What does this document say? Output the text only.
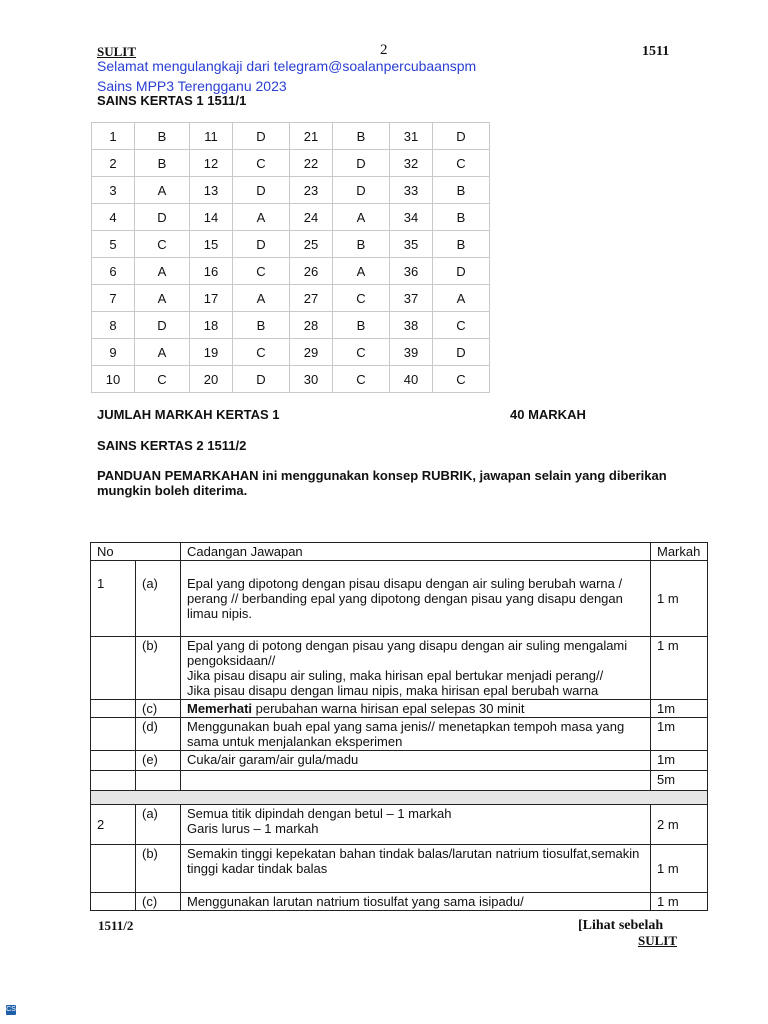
SULIT	2	1511
Selamat mengulangkaji dari telegram@soalanpercubaanspm
Sains MPP3 Terengganu 2023
SAINS KERTAS 1 1511/1
1	B	11	D	21	B	31	D
2	B	12	C	22	D	32	C
3	A	13	D	23	D	33	B
4	D	14	A	24	A	34	B
5	C	15	D	25	B	35	B
6	A	16	C	26	A	36	D
7	A	17	A	27	C	37	A
8	D	18	B	28	B	38	C
9	A	19	C	29	C	39	D
10	C	20	D	30	C	40	C
JUMLAH MARKAH KERTAS 1	40 MARKAH
SAINS KERTAS 2 1511/2
PANDUAN PEMARKAHAN ini menggunakan konsep RUBRIK, jawapan selain yang diberikan mungkin boleh diterima.
No		Cadangan Jawapan	Markah
1	(a)	Epal yang dipotong dengan pisau disapu dengan air suling berubah warna / perang // berbanding epal yang dipotong dengan pisau yang disapu dengan limau nipis.	1 m
	(b)	Epal yang di potong dengan pisau yang disapu dengan air suling mengalami pengoksidaan//
Jika pisau disapu air suling, maka hirisan epal bertukar menjadi perang//
Jika pisau disapu dengan limau nipis, maka hirisan epal berubah warna	1 m
	(c)	Memerhati perubahan warna hirisan epal selepas 30 minit	1m
	(d)	Menggunakan buah epal yang sama jenis// menetapkan tempoh masa yang sama untuk menjalankan eksperimen	1m
	(e)	Cuka/air garam/air gula/madu	1m
			5m

2	(a)	Semua titik dipindah dengan betul – 1 markah
Garis lurus – 1 markah	2 m
	(b)	Semakin tinggi kepekatan bahan tindak balas/larutan natrium tiosulfat,semakin tinggi kadar tindak balas	1 m
	(c)	Menggunakan larutan natrium tiosulfat yang sama isipadu/	1 m
1511/2	[Lihat sebelah
SULIT
CS
